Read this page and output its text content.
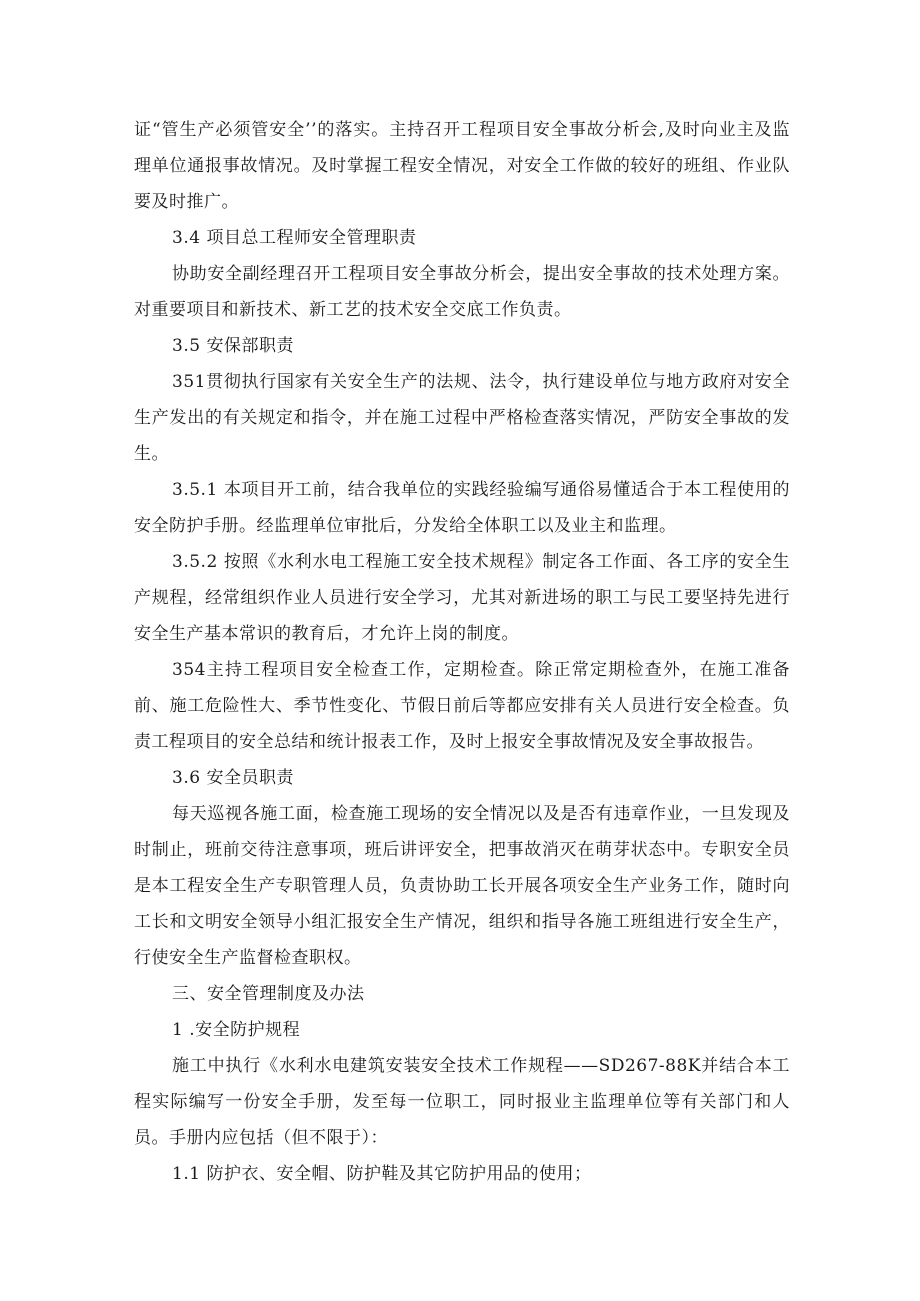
证“管生产必须管安全’’的落实。主持召开工程项目安全事故分析会,及时向业主及监理单位通报事故情况。及时掌握工程安全情况，对安全工作做的较好的班组、作业队要及时推广。

3.4 项目总工程师安全管理职责

协助安全副经理召开工程项目安全事故分析会，提出安全事故的技术处理方案。对重要项目和新技术、新工艺的技术安全交底工作负责。

3.5 安保部职责

351贯彻执行国家有关安全生产的法规、法令，执行建设单位与地方政府对安全生产发出的有关规定和指令，并在施工过程中严格检查落实情况，严防安全事故的发生。

3.5.1 本项目开工前，结合我单位的实践经验编写通俗易懂适合于本工程使用的安全防护手册。经监理单位审批后，分发给全体职工以及业主和监理。

3.5.2 按照《水利水电工程施工安全技术规程》制定各工作面、各工序的安全生产规程，经常组织作业人员进行安全学习，尤其对新进场的职工与民工要坚持先进行安全生产基本常识的教育后，才允许上岗的制度。

354主持工程项目安全检查工作，定期检查。除正常定期检查外，在施工准备前、施工危险性大、季节性变化、节假日前后等都应安排有关人员进行安全检查。负责工程项目的安全总结和统计报表工作，及时上报安全事故情况及安全事故报告。

3.6 安全员职责

每天巡视各施工面，检查施工现场的安全情况以及是否有违章作业，一旦发现及时制止，班前交待注意事项，班后讲评安全，把事故消灭在萌芽状态中。专职安全员是本工程安全生产专职管理人员，负责协助工长开展各项安全生产业务工作，随时向工长和文明安全领导小组汇报安全生产情况，组织和指导各施工班组进行安全生产，行使安全生产监督检查职权。

三、安全管理制度及办法

1 .安全防护规程

施工中执行《水利水电建筑安装安全技术工作规程——SD267-88K并结合本工程实际编写一份安全手册，发至每一位职工，同时报业主监理单位等有关部门和人员。手册内应包括（但不限于）：

1.1 防护衣、安全帽、防护鞋及其它防护用品的使用；
